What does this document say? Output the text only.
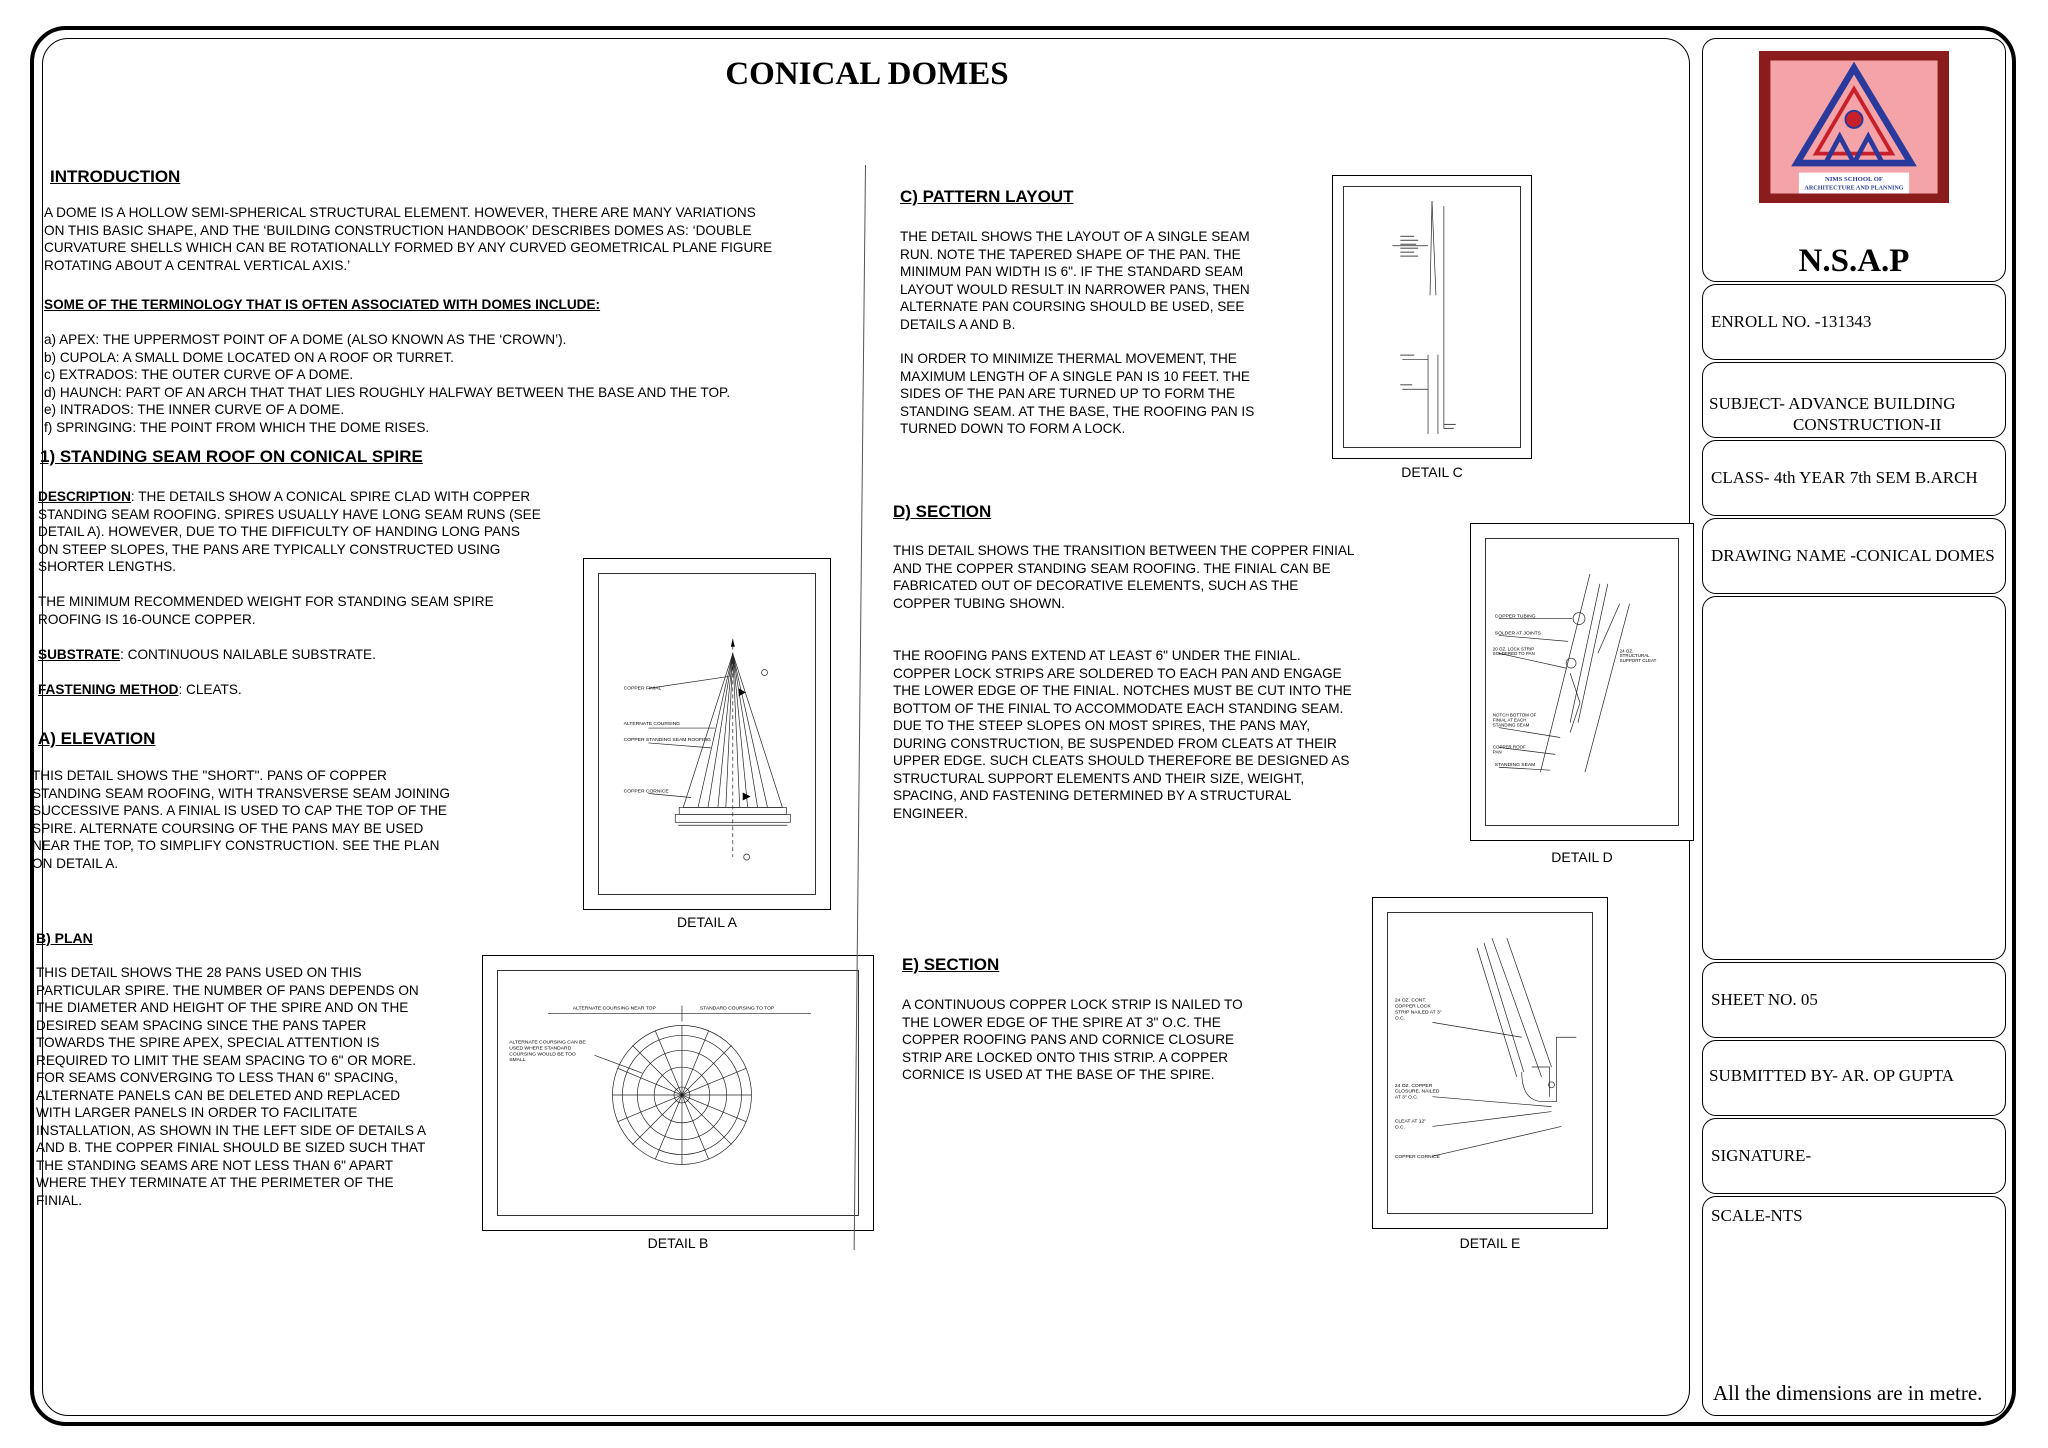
CONICAL DOMES
INTRODUCTION
A DOME IS A HOLLOW SEMI-SPHERICAL STRUCTURAL ELEMENT. HOWEVER, THERE ARE MANY VARIATIONS
ON THIS BASIC SHAPE, AND THE ‘BUILDING CONSTRUCTION HANDBOOK’ DESCRIBES DOMES AS: ‘DOUBLE
CURVATURE SHELLS WHICH CAN BE ROTATIONALLY FORMED BY ANY CURVED GEOMETRICAL PLANE FIGURE
ROTATING ABOUT A CENTRAL VERTICAL AXIS.’
SOME OF THE TERMINOLOGY THAT IS OFTEN ASSOCIATED WITH DOMES INCLUDE:
a) APEX: THE UPPERMOST POINT OF A DOME (ALSO KNOWN AS THE ‘CROWN’).
b) CUPOLA: A SMALL DOME LOCATED ON A ROOF OR TURRET.
c) EXTRADOS: THE OUTER CURVE OF A DOME.
d) HAUNCH: PART OF AN ARCH THAT THAT LIES ROUGHLY HALFWAY BETWEEN THE BASE AND THE TOP.
e) INTRADOS: THE INNER CURVE OF A DOME.
f) SPRINGING: THE POINT FROM WHICH THE DOME RISES.
1) STANDING SEAM ROOF ON CONICAL SPIRE
DESCRIPTION: THE DETAILS SHOW A CONICAL SPIRE CLAD WITH COPPER
STANDING SEAM ROOFING. SPIRES USUALLY HAVE LONG SEAM RUNS (SEE
DETAIL A). HOWEVER, DUE TO THE DIFFICULTY OF HANDING LONG PANS
ON STEEP SLOPES, THE PANS ARE TYPICALLY CONSTRUCTED USING
SHORTER LENGTHS.
THE MINIMUM RECOMMENDED WEIGHT FOR STANDING SEAM SPIRE
ROOFING IS 16-OUNCE COPPER.
SUBSTRATE: CONTINUOUS NAILABLE SUBSTRATE.
FASTENING METHOD: CLEATS.
A) ELEVATION
THIS DETAIL SHOWS THE "SHORT". PANS OF COPPER
STANDING SEAM ROOFING, WITH TRANSVERSE SEAM JOINING
SUCCESSIVE PANS. A FINIAL IS USED TO CAP THE TOP OF THE
SPIRE. ALTERNATE COURSING OF THE PANS MAY BE USED
NEAR THE TOP, TO SIMPLIFY CONSTRUCTION. SEE THE PLAN
ON DETAIL A.
B) PLAN
THIS DETAIL SHOWS THE 28 PANS USED ON THIS
PARTICULAR SPIRE. THE NUMBER OF PANS DEPENDS ON
THE DIAMETER AND HEIGHT OF THE SPIRE AND ON THE
DESIRED SEAM SPACING SINCE THE PANS TAPER
TOWARDS THE SPIRE APEX, SPECIAL ATTENTION IS
REQUIRED TO LIMIT THE SEAM SPACING TO 6" OR MORE.
FOR SEAMS CONVERGING TO LESS THAN 6" SPACING,
ALTERNATE PANELS CAN BE DELETED AND REPLACED
WITH LARGER PANELS IN ORDER TO FACILITATE
INSTALLATION, AS SHOWN IN THE LEFT SIDE OF DETAILS A
AND B. THE COPPER FINIAL SHOULD BE SIZED SUCH THAT
THE STANDING SEAMS ARE NOT LESS THAN 6" APART
WHERE THEY TERMINATE AT THE PERIMETER OF THE
FINIAL.
COPPER FINIAL
ALTERNATE COURSING
COPPER STANDING SEAM ROOFING
COPPER CORNICE
DETAIL A
ALTERNATE COURSING NEAR TOP	STANDARD COURSING TO TOP
ALTERNATE COURSING CAN BE USED WHERE STANDARD COURSING WOULD BE TOO SMALL
DETAIL B
C) PATTERN LAYOUT
THE DETAIL SHOWS THE LAYOUT OF A SINGLE SEAM
RUN. NOTE THE TAPERED SHAPE OF THE PAN. THE
MINIMUM PAN WIDTH IS 6". IF THE STANDARD SEAM
LAYOUT WOULD RESULT IN NARROWER PANS, THEN
ALTERNATE PAN COURSING SHOULD BE USED, SEE
DETAILS A AND B.
IN ORDER TO MINIMIZE THERMAL MOVEMENT, THE
MAXIMUM LENGTH OF A SINGLE PAN IS 10 FEET. THE
SIDES OF THE PAN ARE TURNED UP TO FORM THE
STANDING SEAM. AT THE BASE, THE ROOFING PAN IS
TURNED DOWN TO FORM A LOCK.
D) SECTION
THIS DETAIL SHOWS THE TRANSITION BETWEEN THE COPPER FINIAL
AND THE COPPER STANDING SEAM ROOFING. THE FINIAL CAN BE
FABRICATED OUT OF DECORATIVE ELEMENTS, SUCH AS THE
COPPER TUBING SHOWN.
THE ROOFING PANS EXTEND AT LEAST 6" UNDER THE FINIAL.
COPPER LOCK STRIPS ARE SOLDERED TO EACH PAN AND ENGAGE
THE LOWER EDGE OF THE FINIAL. NOTCHES MUST BE CUT INTO THE
BOTTOM OF THE FINIAL TO ACCOMMODATE EACH STANDING SEAM.
DUE TO THE STEEP SLOPES ON MOST SPIRES, THE PANS MAY,
DURING CONSTRUCTION, BE SUSPENDED FROM CLEATS AT THEIR
UPPER EDGE. SUCH CLEATS SHOULD THEREFORE BE DESIGNED AS
STRUCTURAL SUPPORT ELEMENTS AND THEIR SIZE, WEIGHT,
SPACING, AND FASTENING DETERMINED BY A STRUCTURAL
ENGINEER.
E) SECTION
A CONTINUOUS COPPER LOCK STRIP IS NAILED TO
THE LOWER EDGE OF THE SPIRE AT 3" O.C. THE
COPPER ROOFING PANS AND CORNICE CLOSURE
STRIP ARE LOCKED ONTO THIS STRIP. A COPPER
CORNICE IS USED AT THE BASE OF THE SPIRE.
DETAIL C
COPPER TUBING
SOLDER AT JOINTS
20 OZ. LOCK STRIP SOLDERED TO PAN
24 OZ. STRUCTURAL SUPPORT CLEAT
NOTCH BOTTOM OF FINIAL AT EACH STANDING SEAM
COPPER ROOF PAN
STANDING SEAM
DETAIL D
24 OZ. CONT. COPPER LOCK STRIP NAILED AT 3" O.C.
24 OZ. COPPER CLOSURE, NAILED AT 3" O.C.
CLEAT AT 12" O.C.
COPPER CORNICE
DETAIL E
NIMS SCHOOL OF
ARCHITECTURE AND PLANNING
N.S.A.P
ENROLL NO. -131343
SUBJECT- ADVANCE BUILDING
CONSTRUCTION-II
CLASS- 4th YEAR 7th SEM B.ARCH
DRAWING NAME -CONICAL DOMES
SHEET NO. 05
SUBMITTED BY- AR. OP GUPTA
SIGNATURE-
SCALE-NTS
All the dimensions are in metre.
